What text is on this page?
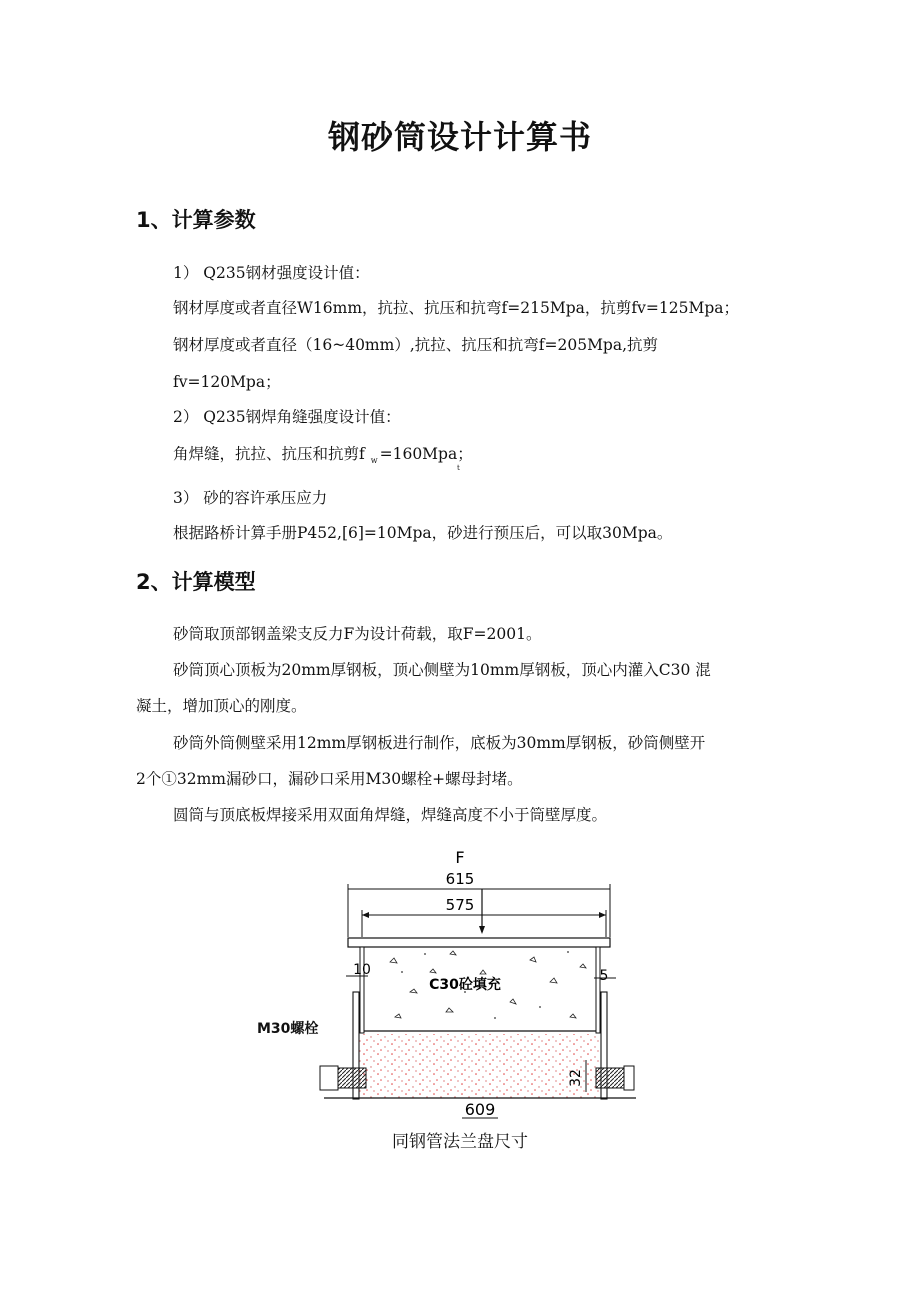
钢砂筒设计计算书
1、计算参数
1） Q235钢材强度设计值：
钢材厚度或者直径W16mm，抗拉、抗压和抗弯f=215Mpa，抗剪fv=125Mpa；
钢材厚度或者直径（16~40mm）,抗拉、抗压和抗弯f=205Mpa,抗剪
fv=120Mpa；
2） Q235钢焊角缝强度设计值：
角焊缝，抗拉、抗压和抗剪f $_w$ =160Mpa；
t
3） 砂的容许承压应力
根据路桥计算手册P452,[6]=10Mpa，砂进行预压后，可以取30Mpa。
2、计算模型
砂筒取顶部钢盖梁支反力F为设计荷载，取F=2001。
砂筒顶心顶板为20mm厚钢板，顶心侧壁为10mm厚钢板，顶心内灌入C30 混
凝土，增加顶心的刚度。
砂筒外筒侧壁采用12mm厚钢板进行制作，底板为30mm厚钢板，砂筒侧壁开
2个①32mm漏砂口，漏砂口采用M30螺栓+螺母封堵。
圆筒与顶底板焊接采用双面角焊缝，焊缝高度不小于筒壁厚度。
F
615
575
C30砼填充
10	5
32
609
M30螺栓
同钢管法兰盘尺寸
